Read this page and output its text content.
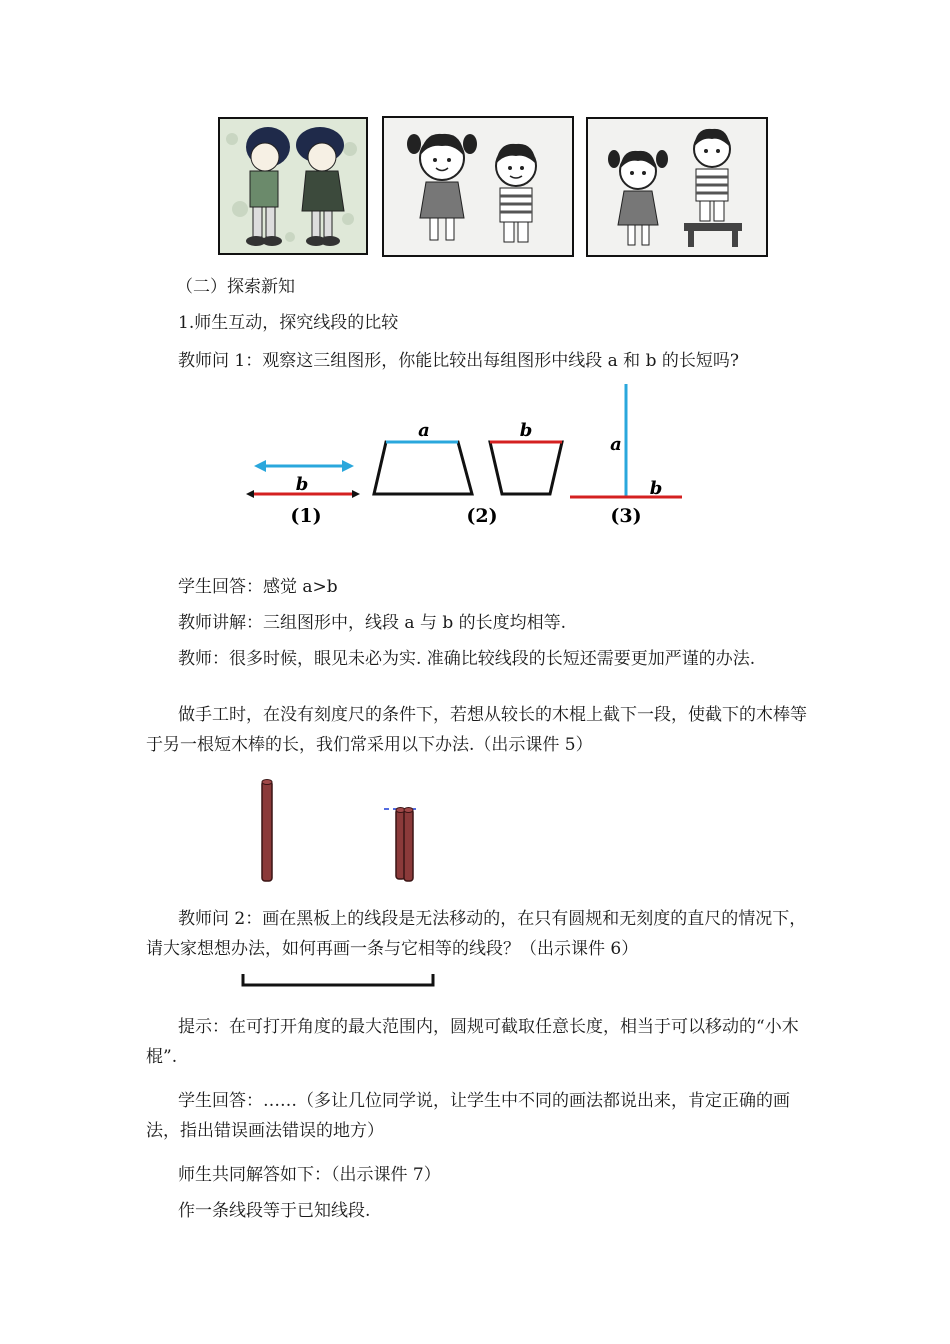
（二）探索新知

1.师生互动，探究线段的比较

教师问 1：观察这三组图形，你能比较出每组图形中线段 a 和 b 的长短吗?

b
(1)
a	b
(2)
a
b
(3)

学生回答：感觉 a>b

教师讲解：三组图形中，线段 a 与 b 的长度均相等.

教师：很多时候，眼见未必为实. 准确比较线段的长短还需要更加严谨的办法.

做手工时，在没有刻度尺的条件下，若想从较长的木棍上截下一段，使截下的木棒等于另一根短木棒的长，我们常采用以下办法.（出示课件 5）

教师问 2：画在黑板上的线段是无法移动的，在只有圆规和无刻度的直尺的情况下，请大家想想办法，如何再画一条与它相等的线段？（出示课件 6）

提示：在可打开角度的最大范围内，圆规可截取任意长度，相当于可以移动的“小木棍”.

学生回答：……（多让几位同学说，让学生中不同的画法都说出来，肯定正确的画法，指出错误画法错误的地方）

师生共同解答如下：（出示课件 7）

作一条线段等于已知线段.
